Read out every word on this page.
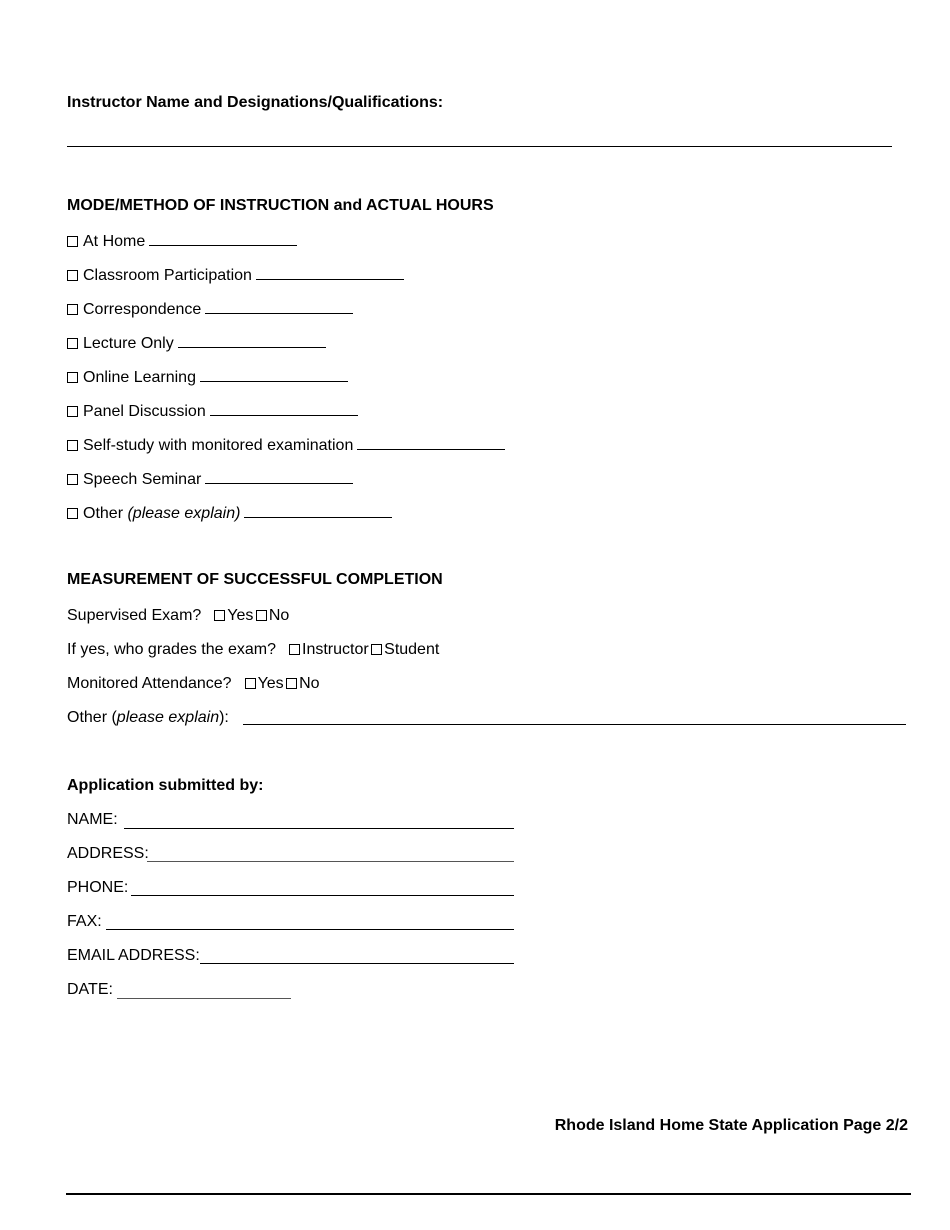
Instructor Name and Designations/Qualifications:
MODE/METHOD OF INSTRUCTION and ACTUAL HOURS
At Home
Classroom Participation
Correspondence
Lecture Only
Online Learning
Panel Discussion
Self-study with monitored examination
Speech Seminar
Other (please explain)
MEASUREMENT OF SUCCESSFUL COMPLETION
Supervised Exam? Yes No
If yes, who grades the exam? Instructor Student
Monitored Attendance? Yes No
Other (please explain):
Application submitted by:
NAME:
ADDRESS:
PHONE:
FAX:
EMAIL ADDRESS:
DATE:
Rhode Island Home State Application Page 2/2
